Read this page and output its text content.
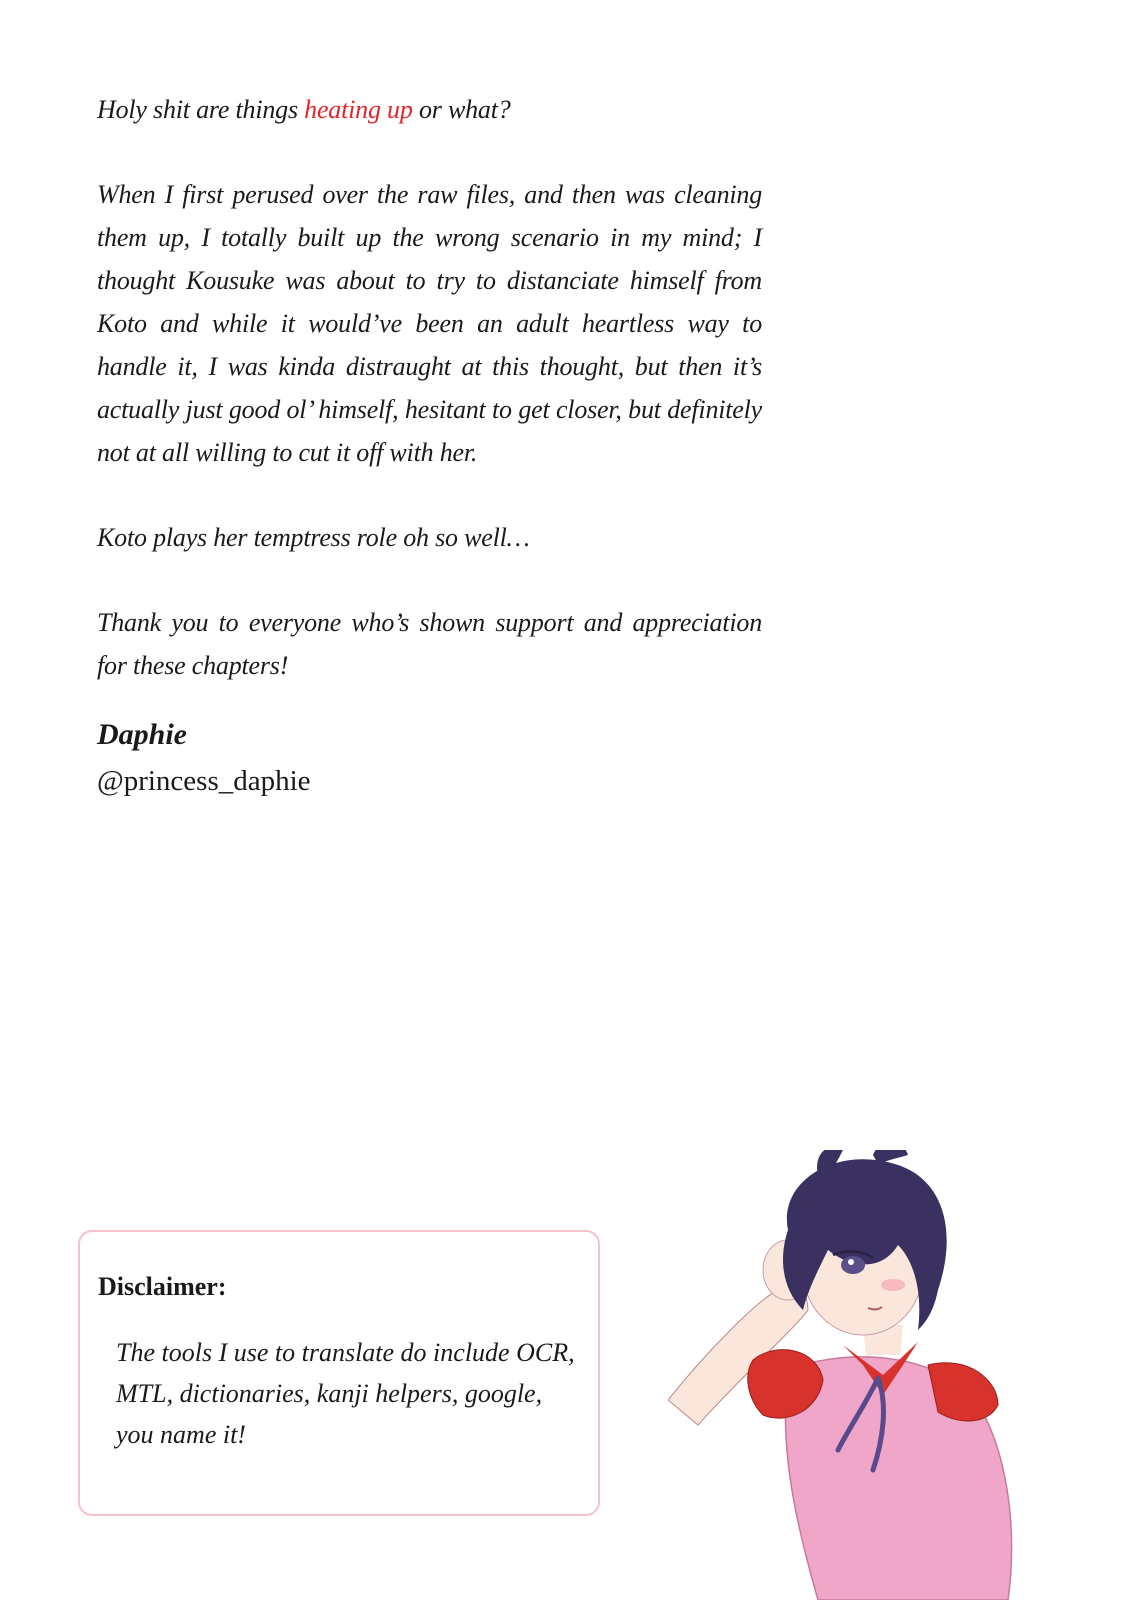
Holy shit are things heating up or what?

When I first perused over the raw files, and then was cleaning them up, I totally built up the wrong scenario in my mind; I thought Kousuke was about to try to distanciate himself from Koto and while it would’ve been an adult heartless way to handle it, I was kinda distraught at this thought, but then it’s actually just good ol’ himself, hesitant to get closer, but definitely not at all willing to cut it off with her.

Koto plays her temptress role oh so well…

Thank you to everyone who’s shown support and appreciation for these chapters!

Daphie
@princess_daphie
Disclaimer:
The tools I use to translate do include OCR, MTL, dictionaries, kanji helpers, google, you name it!
